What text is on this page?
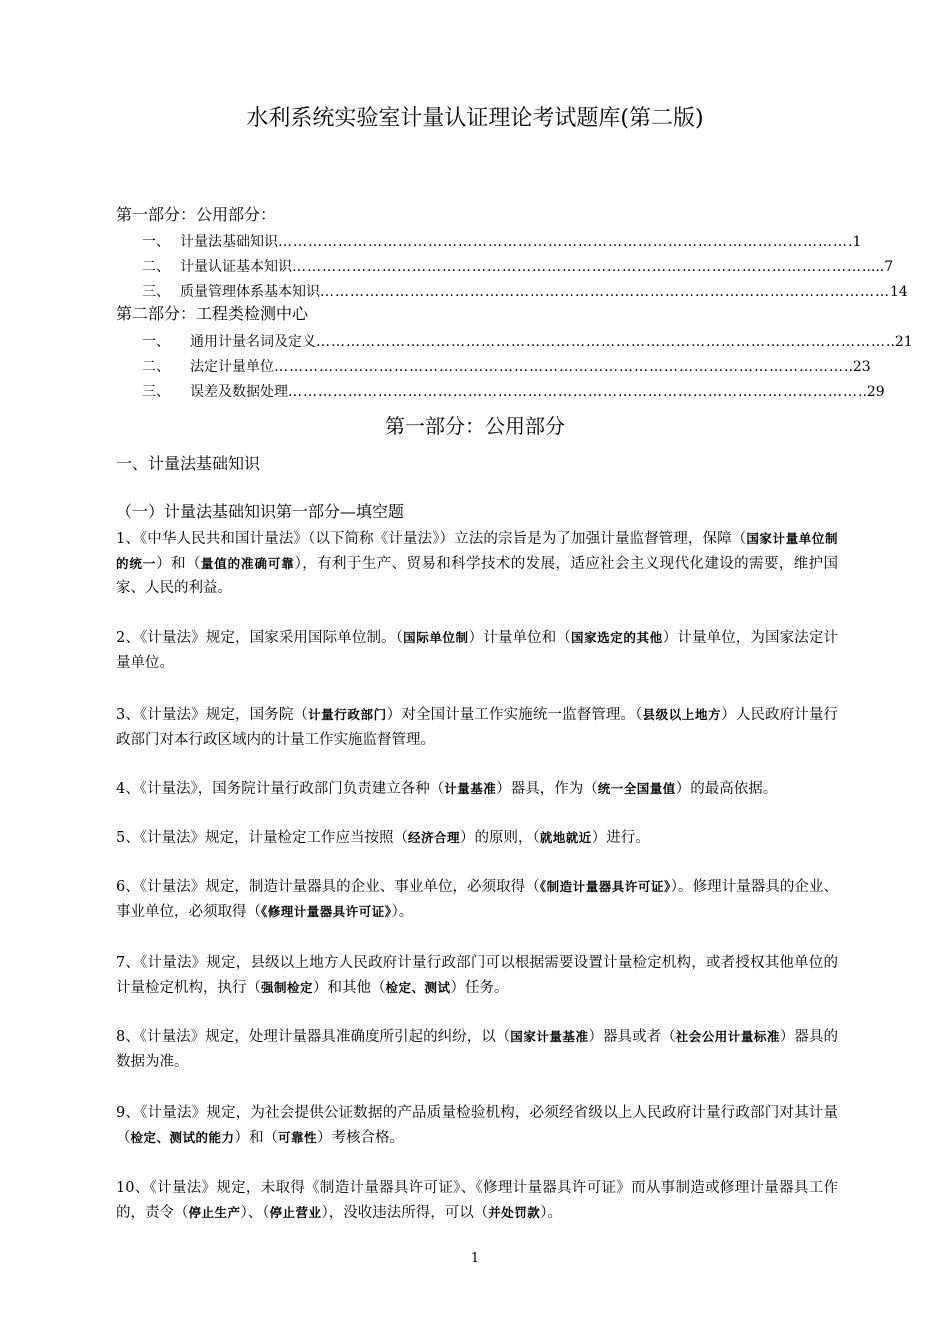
水利系统实验室计量认证理论考试题库(第二版)
第一部分：公用部分：
一、 计量法基础知识 …………………………………………………………………………………………………… .1
二、 计量认证基本知识 …………………………………………………………………………………………………… .....7
三、 质量管理体系基本知识 …………………………………………………………………………………………………… 14
第二部分：工程类检测中心
一、	通用计量名词及定义 …………………………………………………………………………………………………… ..21
二、	法定计量单位 …………………………………………………………………………………………………… ..23
三、	误差及数据处理 …………………………………………………………………………………………………… ..29
第一部分：公用部分
一、计量法基础知识
（一）计量法基础知识第一部分—填空题
1、《中华人民共和国计量法》（以下简称《计量法》）立法的宗旨是为了加强计量监督管理，保障（国家计量单位制的统一）和（量值的准确可靠），有利于生产、贸易和科学技术的发展，适应社会主义现代化建设的需要，维护国家、人民的利益。
2、《计量法》规定，国家采用国际单位制。（国际单位制）计量单位和（国家选定的其他）计量单位，为国家法定计量单位。
3、《计量法》规定，国务院（计量行政部门）对全国计量工作实施统一监督管理。（县级以上地方）人民政府计量行政部门对本行政区域内的计量工作实施监督管理。
4、《计量法》，国务院计量行政部门负责建立各种（计量基准）器具，作为（统一全国量值）的最高依据。
5、《计量法》规定，计量检定工作应当按照（经济合理）的原则，（就地就近）进行。
6、《计量法》规定，制造计量器具的企业、事业单位，必须取得（《制造计量器具许可证》）。修理计量器具的企业、事业单位，必须取得（《修理计量器具许可证》）。
7、《计量法》规定，县级以上地方人民政府计量行政部门可以根据需要设置计量检定机构，或者授权其他单位的计量检定机构，执行（强制检定）和其他（检定、测试）任务。
8、《计量法》规定，处理计量器具准确度所引起的纠纷，以（国家计量基准）器具或者（社会公用计量标准）器具的数据为准。
9、《计量法》规定，为社会提供公证数据的产品质量检验机构，必须经省级以上人民政府计量行政部门对其计量（检定、测试的能力）和（可靠性）考核合格。
10、《计量法》规定，未取得《制造计量器具许可证》、《修理计量器具许可证》而从事制造或修理计量器具工作的，责令（停止生产）、（停止营业），没收违法所得，可以（并处罚款）。
1
